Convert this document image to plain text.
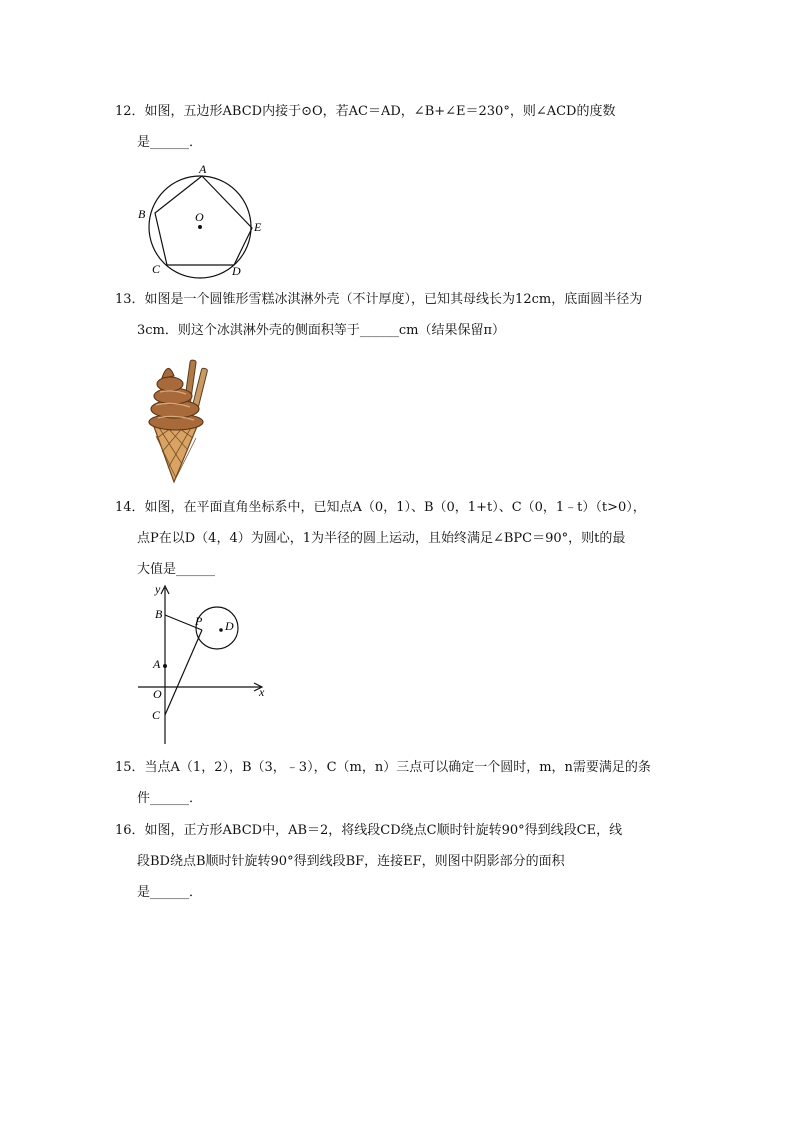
12．如图，五边形ABCD内接于⊙O，若AC＝AD，∠B+∠E＝230°，则∠ACD的度数

是______．

A
B
C	D
E
O

13．如图是一个圆锥形雪糕冰淇淋外壳（不计厚度），已知其母线长为12cm，底面圆半径为

3cm．则这个冰淇淋外壳的侧面积等于______cm（结果保留π）

14．如图，在平面直角坐标系中，已知点A（0，1）、B（0，1+t）、C（0，1﹣t）（t>0），

点P在以D（4，4）为圆心，1为半径的圆上运动，且始终满足∠BPC＝90°，则t的最

大值是______

y
x
B	P D
A
O
C

15．当点A（1，2），B（3，﹣3），C（m，n）三点可以确定一个圆时，m，n需要满足的条

件______．

16．如图，正方形ABCD中，AB＝2，将线段CD绕点C顺时针旋转90°得到线段CE，线

段BD绕点B顺时针旋转90°得到线段BF，连接EF，则图中阴影部分的面积

是______．
